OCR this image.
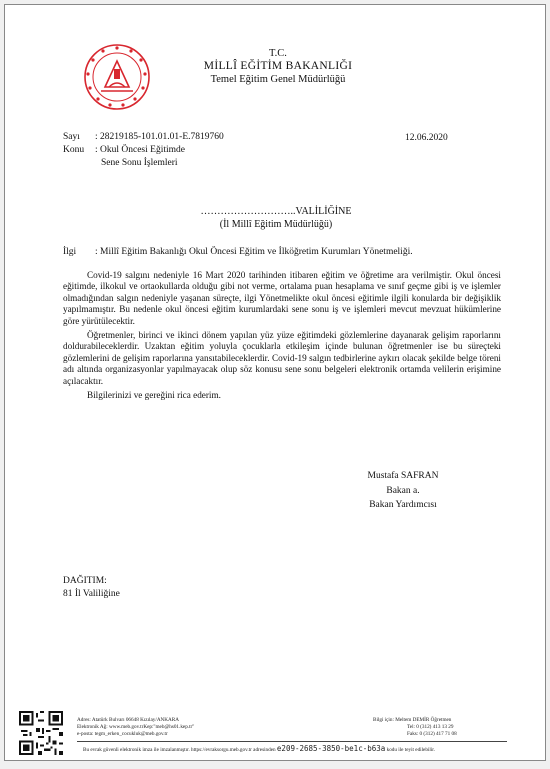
T.C.
MİLLÎ EĞİTİM BAKANLIĞI
Temel Eğitim Genel Müdürlüğü
Sayı : 28219185-101.01.01-E.7819760
Konu : Okul Öncesi Eğitimde
Sene Sonu İşlemleri
12.06.2020
………………………..VALİLİĞİNE
(İl Millî Eğitim Müdürlüğü)
İlgi : Millî Eğitim Bakanlığı Okul Öncesi Eğitim ve İlköğretim Kurumları Yönetmeliği.

Covid-19 salgını nedeniyle 16 Mart 2020 tarihinden itibaren eğitim ve öğretime ara verilmiştir. Okul öncesi eğitimde, ilkokul ve ortaokullarda olduğu gibi not verme, ortalama puan hesaplama ve sınıf geçme gibi iş ve işlemler olmadığından salgın nedeniyle yaşanan süreçte, ilgi Yönetmelikte okul öncesi eğitimle ilgili konularda bir değişiklik yapılmamıştır. Bu nedenle okul öncesi eğitim kurumlardaki sene sonu iş ve işlemleri mevcut mevzuat hükümlerine göre yürütülecektir.

Öğretmenler, birinci ve ikinci dönem yapılan yüz yüze eğitimdeki gözlemlerine dayanarak gelişim raporlarını doldurabileceklerdir. Uzaktan eğitim yoluyla çocuklarla etkileşim içinde bulunan öğretmenler ise bu süreçteki gözlemlerini de gelişim raporlarına yansıtabileceklerdir. Covid-19 salgın tedbirlerine aykırı olacak şekilde belge töreni adı altında organizasyonlar yapılmayacak olup söz konusu sene sonu belgeleri elektronik ortamda velilerin erişimine açılacaktır.

Bilgilerinizi ve gereğini rica ederim.

Mustafa SAFRAN
Bakan a.
Bakan Yardımcısı
DAĞITIM:
81 İl Valiliğine
Adres: Atatürk Bulvarı 06648 Kızılay/ANKARA
Elektronik Ağ: www.meb.gov.trKep:"meb@hs01.kep.tr"
e-posta: tegm_erken_cocukluk@meb.gov.tr
Bilgi için: Meltem DEMİR Öğretmen
Tel: 0 (312) 413 13 29
Faks: 0 (312) 417 71 08
Bu evrak güvenli elektronik imza ile imzalanmıştır. https://evraksorgu.meb.gov.tr adresinden e209-2685-3850-be1c-b63a kodu ile teyit edilebilir.
